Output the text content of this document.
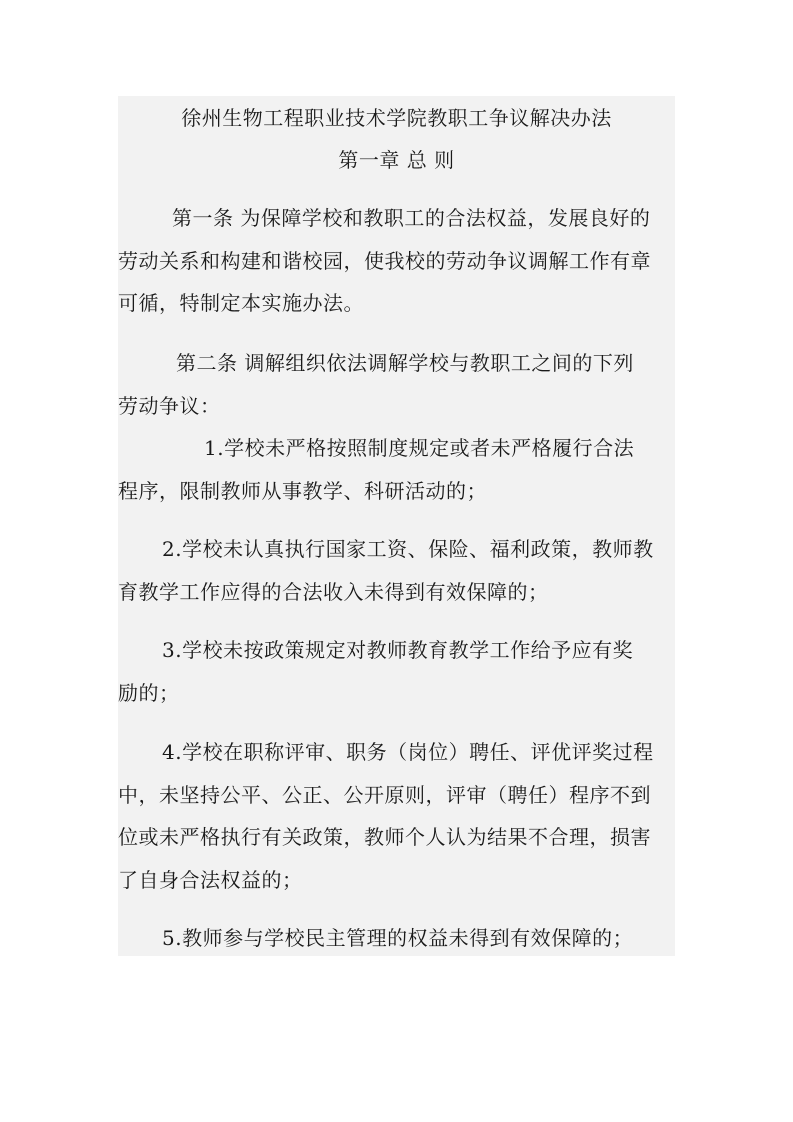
徐州生物工程职业技术学院教职工争议解决办法
第一章 总 则
第一条 为保障学校和教职工的合法权益，发展良好的
劳动关系和构建和谐校园，使我校的劳动争议调解工作有章
可循，特制定本实施办法。
第二条 调解组织依法调解学校与教职工之间的下列
劳动争议：
1.学校未严格按照制度规定或者未严格履行合法
程序，限制教师从事教学、科研活动的；
2.学校未认真执行国家工资、保险、福利政策，教师教
育教学工作应得的合法收入未得到有效保障的；
3.学校未按政策规定对教师教育教学工作给予应有奖
励的；
4.学校在职称评审、职务（岗位）聘任、评优评奖过程
中，未坚持公平、公正、公开原则，评审（聘任）程序不到
位或未严格执行有关政策，教师个人认为结果不合理，损害
了自身合法权益的；
5.教师参与学校民主管理的权益未得到有效保障的；
